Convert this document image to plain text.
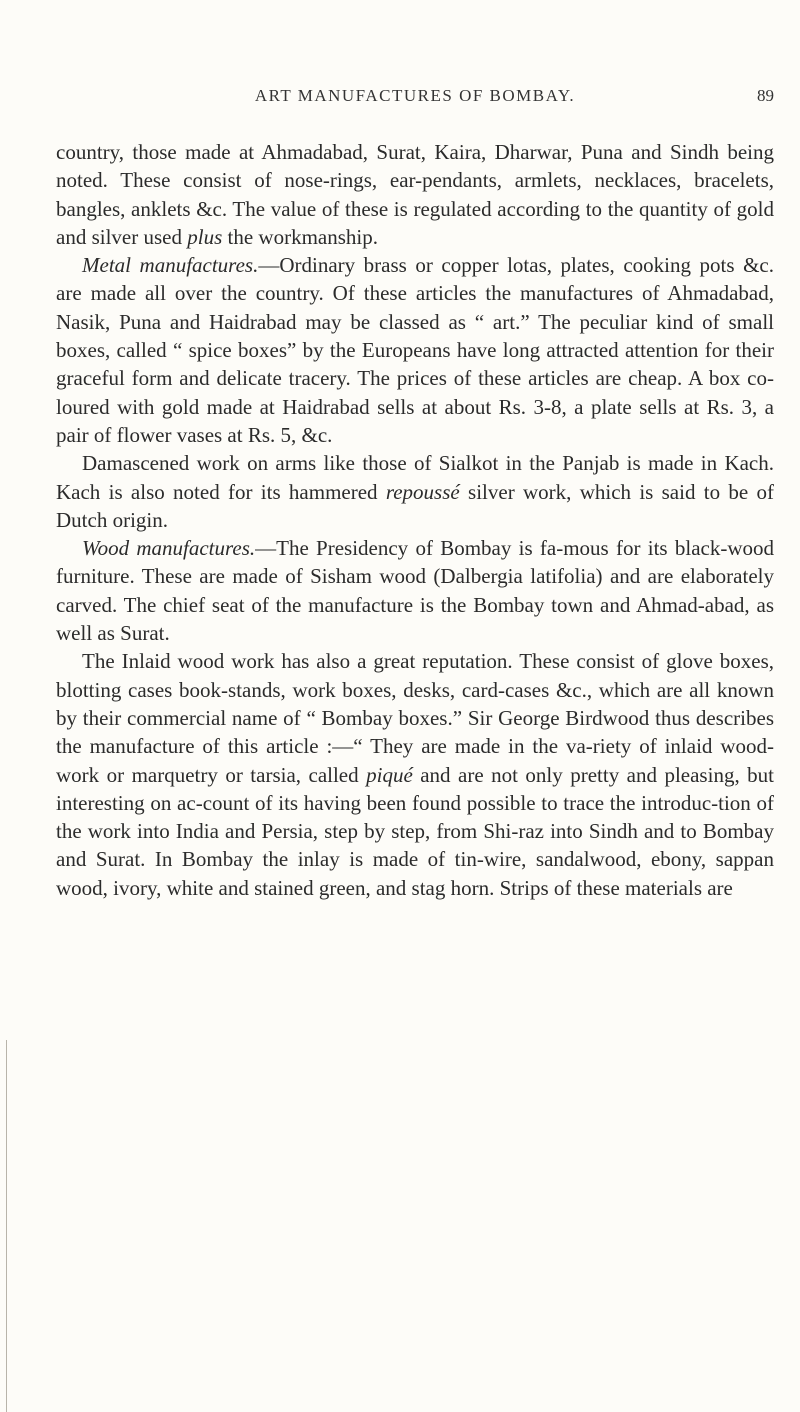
ART MANUFACTURES OF BOMBAY.	89

country, those made at Ahmadabad, Surat, Kaira, Dharwar, Puna and Sindh being noted. These consist of nose-rings, ear-pendants, armlets, necklaces, bracelets, bangles, anklets &c. The value of these is regulated according to the quantity of gold and silver used plus the workmanship.

Metal manufactures.—Ordinary brass or copper lotas, plates, cooking pots &c. are made all over the country. Of these articles the manufactures of Ahmadabad, Nasik, Puna and Haidrabad may be classed as “ art.” The peculiar kind of small boxes, called “ spice boxes” by the Europeans have long attracted attention for their graceful form and delicate tracery. The prices of these articles are cheap. A box co-loured with gold made at Haidrabad sells at about Rs. 3-8, a plate sells at Rs. 3, a pair of flower vases at Rs. 5, &c.

Damascened work on arms like those of Sialkot in the Panjab is made in Kach. Kach is also noted for its hammered repoussé silver work, which is said to be of Dutch origin.

Wood manufactures.—The Presidency of Bombay is fa-mous for its black-wood furniture. These are made of Sisham wood (Dalbergia latifolia) and are elaborately carved. The chief seat of the manufacture is the Bombay town and Ahmad-abad, as well as Surat.

The Inlaid wood work has also a great reputation. These consist of glove boxes, blotting cases book-stands, work boxes, desks, card-cases &c., which are all known by their commercial name of “ Bombay boxes.” Sir George Birdwood thus describes the manufacture of this article :—“ They are made in the va-riety of inlaid wood-work or marquetry or tarsia, called piqué and are not only pretty and pleasing, but interesting on ac-count of its having been found possible to trace the introduc-tion of the work into India and Persia, step by step, from Shi-raz into Sindh and to Bombay and Surat. In Bombay the inlay is made of tin-wire, sandalwood, ebony, sappan wood, ivory, white and stained green, and stag horn. Strips of these materials are
